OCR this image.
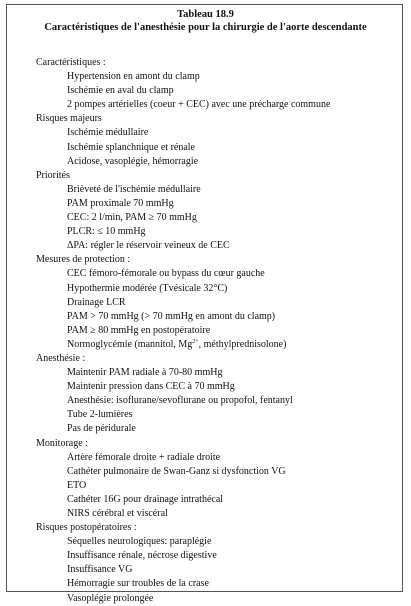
Tableau 18.9
Caractéristiques de l'anesthésie pour la chirurgie de l'aorte descendante
Caractéristiques :
Hypertension en amont du clamp
Ischémie en aval du clamp
2 pompes artérielles (coeur + CEC) avec une précharge commune
Risques majeurs
Ischémie médullaire
Ischémie splanchnique et rénale
Acidose, vasoplégie, hémorragie
Priorités
Brièveté de l'ischémie médullaire
PAM proximale 70 mmHg
CEC: 2 l/min, PAM ≥ 70 mmHg
PLCR: ≤ 10 mmHg
ΔPA: régler le réservoir veineux de CEC
Mesures de protection :
CEC fémoro-fémorale ou bypass du cœur gauche
Hypothermie modérée (Tvésicale 32°C)
Drainage LCR
PAM > 70 mmHg (> 70 mmHg en amont du clamp)
PAM ≥ 80 mmHg en postopératoire
Normoglycémie (mannitol, $Mg^{2+}$, méthylprednisolone)
Anesthésie :
Maintenir PAM radiale à 70-80 mmHg
Maintenir pression dans CEC à 70 mmHg
Anesthésie: isoflurane/sevoflurane ou propofol, fentanyl
Tube 2-lumières
Pas de péridurale
Monitorage :
Artère fémorale droite + radiale droite
Cathéter pulmonaire de Swan-Ganz si dysfonction VG
ETO
Cathéter 16G pour drainage intrathécal
NIRS cérébral et viscéral
Risques postopératoires :
Séquelles neurologiques: paraplégie
Insuffisance rénale, nécrose digestive
Insuffisance VG
Hémorragie sur troubles de la crase
Vasoplégie prolongée
